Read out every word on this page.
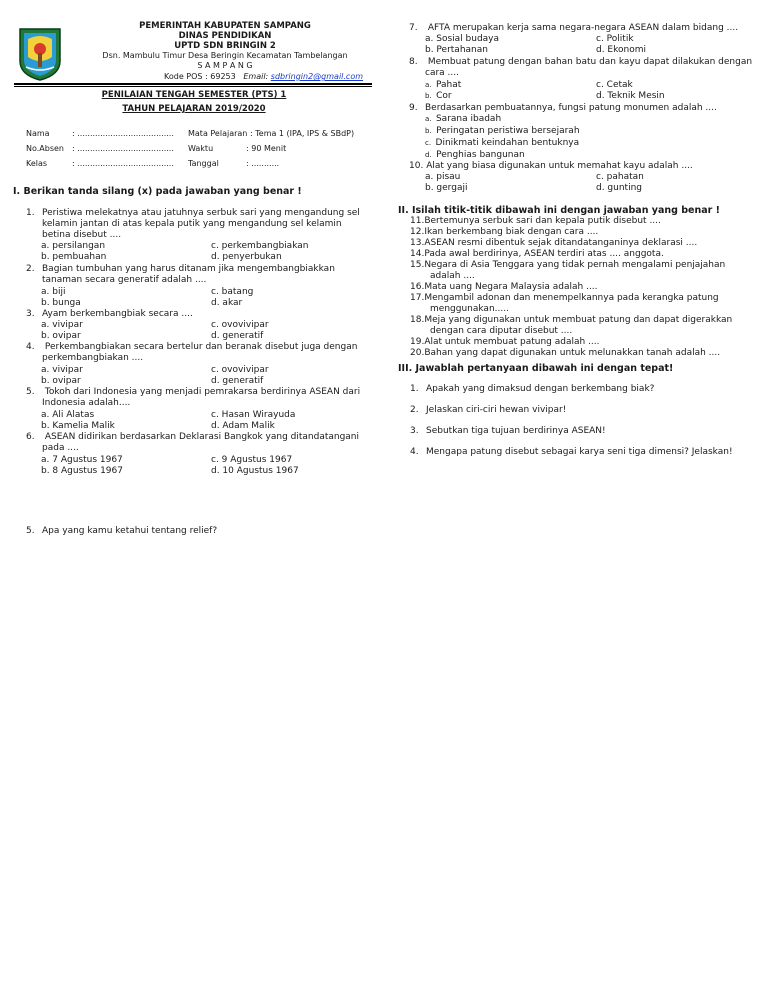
PEMERINTAH KABUPATEN SAMPANG
DINAS PENDIDIKAN
UPTD SDN BRINGIN 2
Dsn. Mambulu Timur Desa Beringin Kecamatan Tambelangan
S A M P A N G
Kode POS : 69253 Email: sdbringin2@gmail.com
PENILAIAN TENGAH SEMESTER (PTS) 1
TAHUN PELAJARAN 2019/2020
Nama	: ......................................
No.Absen : ......................................
Kelas	: ......................................
Mata Pelajaran : Tema 1 (IPA, IPS & SBdP)
Waktu	: 90 Menit
Tanggal	: ...........
I. Berikan tanda silang (x) pada jawaban yang benar !
1. Peristiwa melekatnya atau jatuhnya serbuk sari yang mengandung sel
kelamin jantan di atas kepala putik yang mengandung sel kelamin
betina disebut ....
a. persilangan	c. perkembangbiakan
b. pembuahan	d. penyerbukan
2. Bagian tumbuhan yang harus ditanam jika mengembangbiakkan
tanaman secara generatif adalah ....
a. biji	c. batang
b. bunga	d. akar
3. Ayam berkembangbiak secara ....
a. vivipar	c. ovovivipar
b. ovipar	d. generatif
4. Perkembangbiakan secara bertelur dan beranak disebut juga dengan
perkembangbiakan ....
a. vivipar	c. ovovivipar
b. ovipar	d. generatif
5. Tokoh dari Indonesia yang menjadi pemrakarsa berdirinya ASEAN dari
Indonesia adalah....
a. Ali Alatas	c. Hasan Wirayuda
b. Kamelia Malik	d. Adam Malik
6. ASEAN didirikan berdasarkan Deklarasi Bangkok yang ditandatangani
pada ....
a. 7 Agustus 1967	c. 9 Agustus 1967
b. 8 Agustus 1967	d. 10 Agustus 1967
7. AFTA merupakan kerja sama negara-negara ASEAN dalam bidang ....
a. Sosial budaya	c. Politik
b. Pertahanan	d. Ekonomi
8. Membuat patung dengan bahan batu dan kayu dapat dilakukan dengan
cara ....
a.  Pahat	c. Cetak
b.  Cor	d. Teknik Mesin
9. Berdasarkan pembuatannya, fungsi patung monumen adalah ....
a.  Sarana ibadah
b.  Peringatan peristiwa bersejarah
c.  Dinikmati keindahan bentuknya
d.  Penghias bangunan
10. Alat yang biasa digunakan untuk memahat kayu adalah ....
a. pisau	c. pahatan
b. gergaji	d. gunting
II. Isilah titik-titik dibawah ini dengan jawaban yang benar !
11.Bertemunya serbuk sari dan kepala putik disebut ....
12.Ikan berkembang biak dengan cara ....
13.ASEAN resmi dibentuk sejak ditandatanganinya deklarasi ....
14.Pada awal berdirinya, ASEAN terdiri atas .... anggota.
15.Negara di Asia Tenggara yang tidak pernah mengalami penjajahan
adalah ....
16.Mata uang Negara Malaysia adalah ....
17.Mengambil adonan dan menempelkannya pada kerangka patung
menggunakan.....
18.Meja yang digunakan untuk membuat patung dan dapat digerakkan
dengan cara diputar disebut ....
19.Alat untuk membuat patung adalah ....
20.Bahan yang dapat digunakan untuk melunakkan tanah adalah ....
III. Jawablah pertanyaan dibawah ini dengan tepat!
1. Apakah yang dimaksud dengan berkembang biak?
2. Jelaskan ciri-ciri hewan vivipar!
3. Sebutkan tiga tujuan berdirinya ASEAN!
4. Mengapa patung disebut sebagai karya seni tiga dimensi? Jelaskan!
5. Apa yang kamu ketahui tentang relief?
